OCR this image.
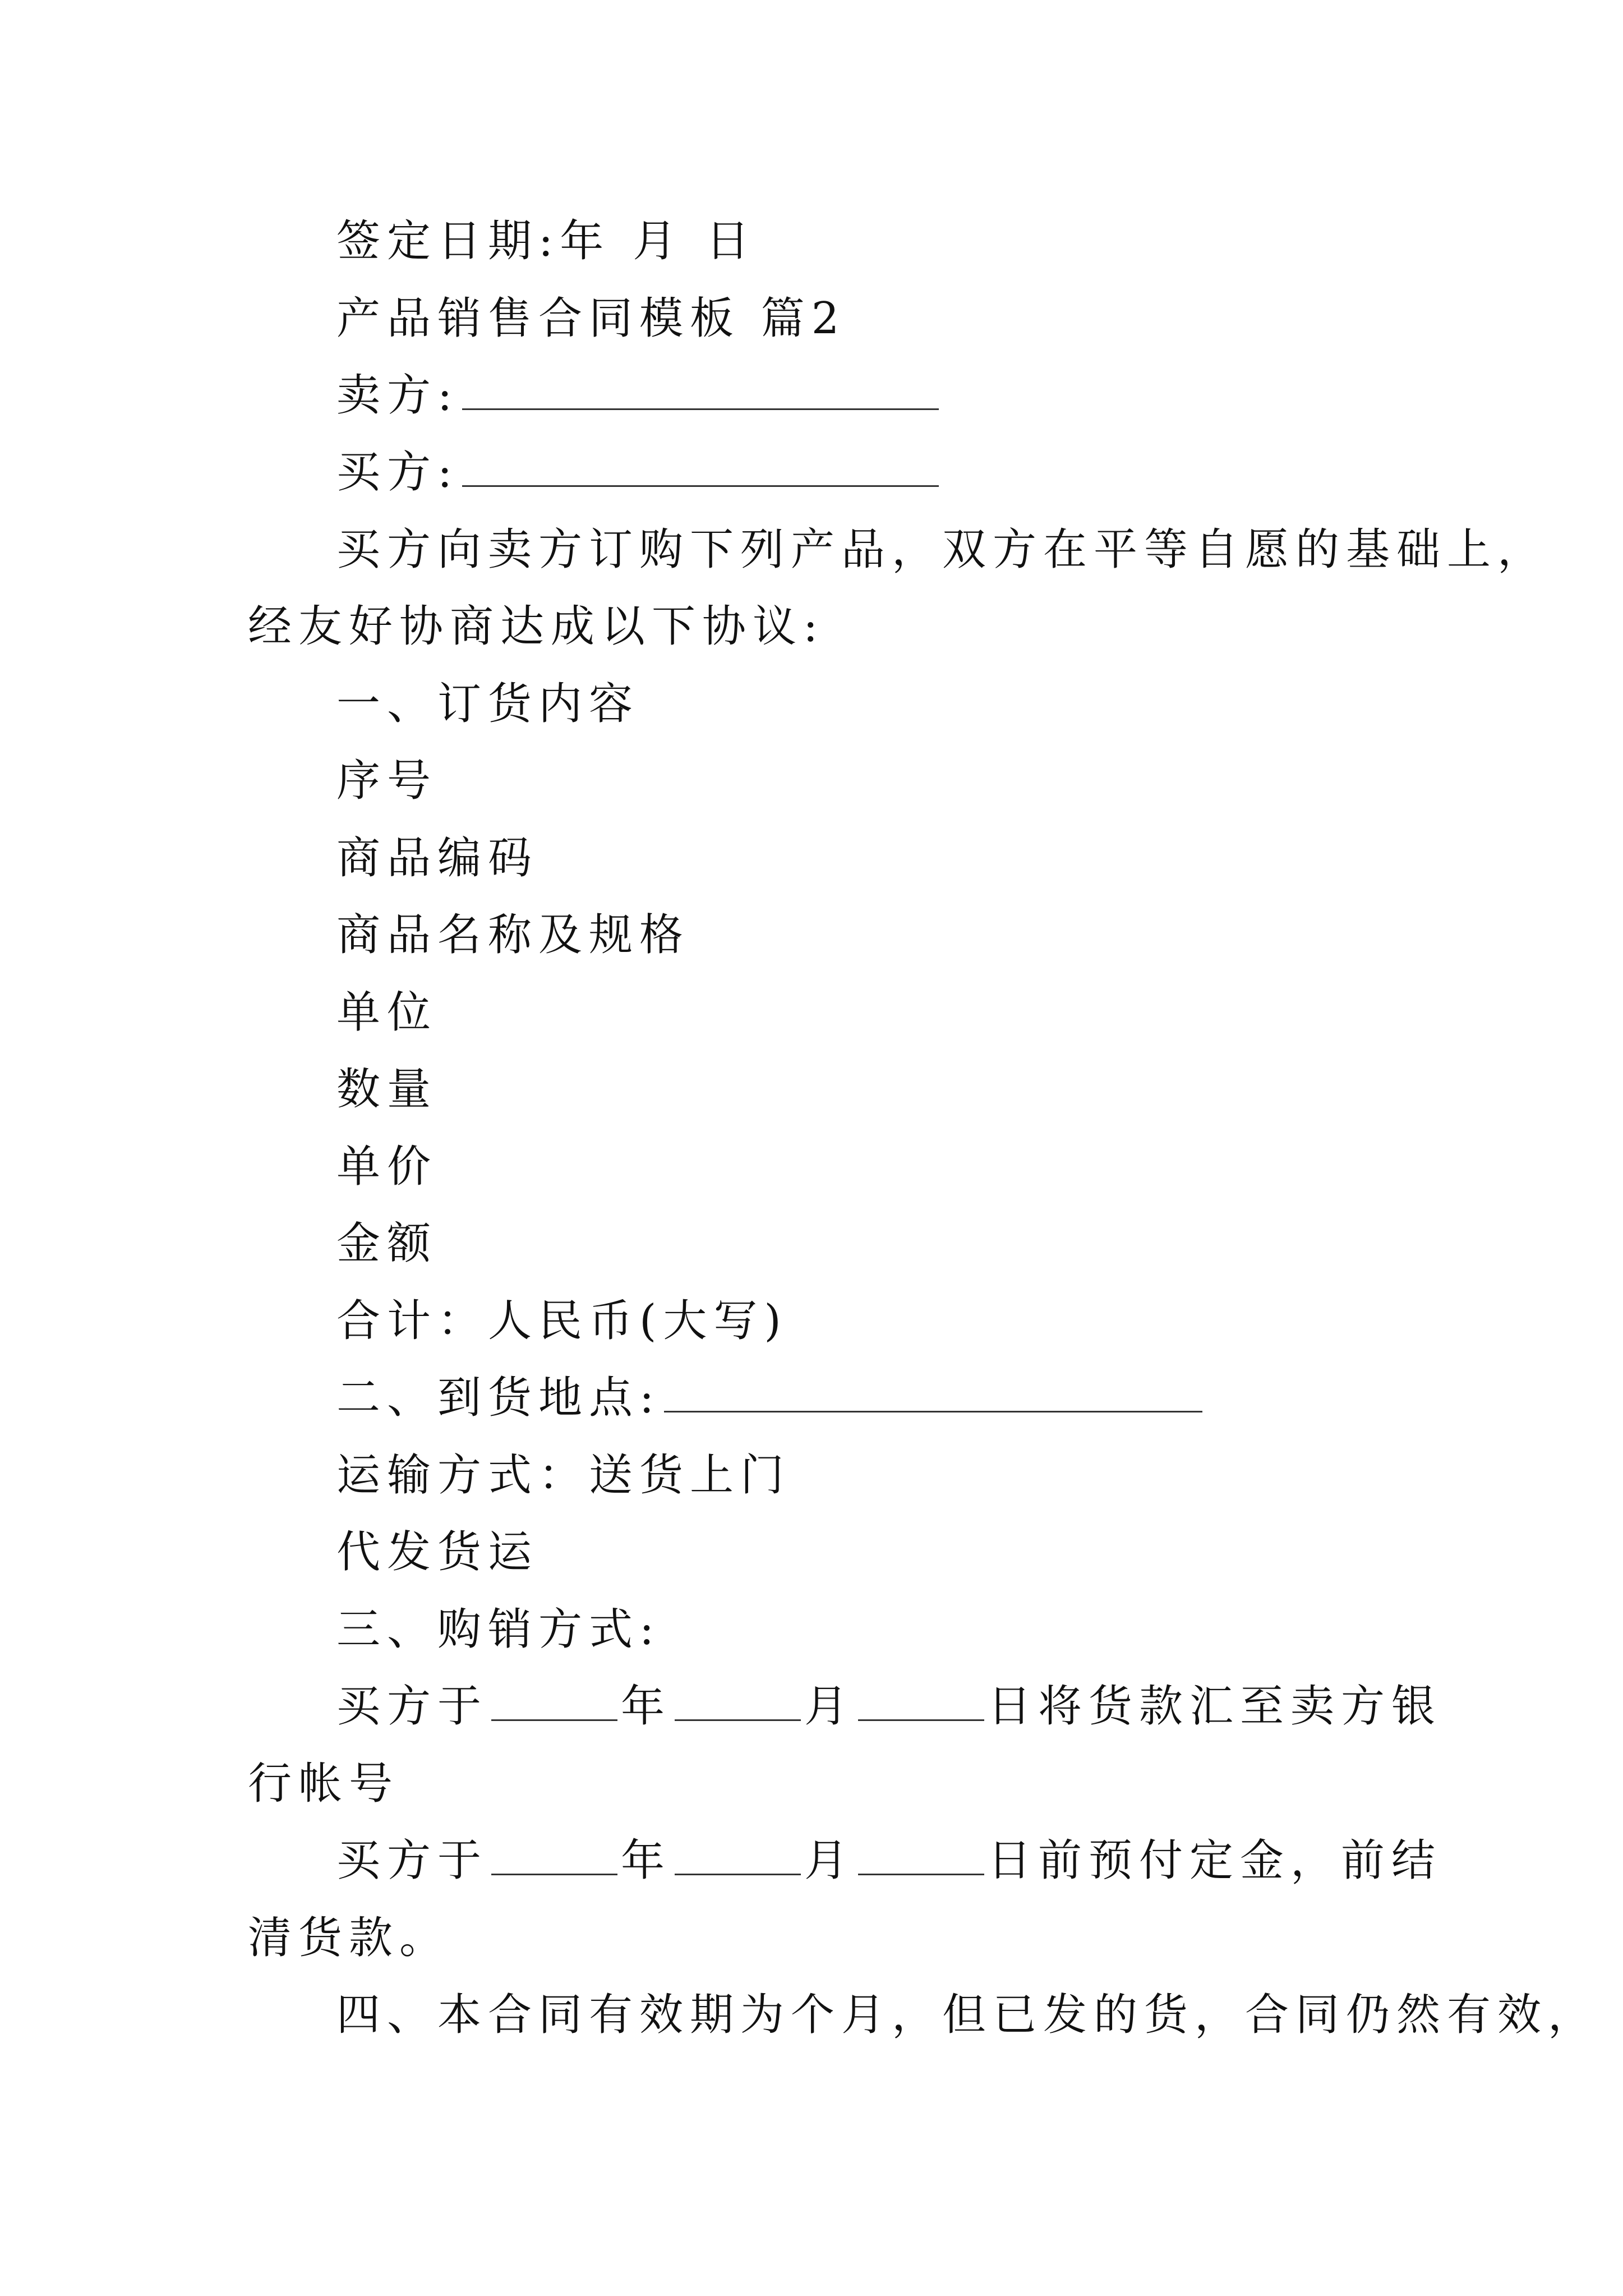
签定日期:年 月 日
产品销售合同模板 篇2
卖方:
买方:
买方向卖方订购下列产品，双方在平等自愿的基础上，
经友好协商达成以下协议:
一、订货内容
序号
商品编码
商品名称及规格
单位
数量
单价
金额
合计：人民币(大写)
二、到货地点:
运输方式：送货上门
代发货运
三、购销方式:
买方于	年	月	日将货款汇至卖方银
行帐号
买方于	年	月	日前预付定金，前结
清货款。
四、本合同有效期为个月，但已发的货，合同仍然有效，
